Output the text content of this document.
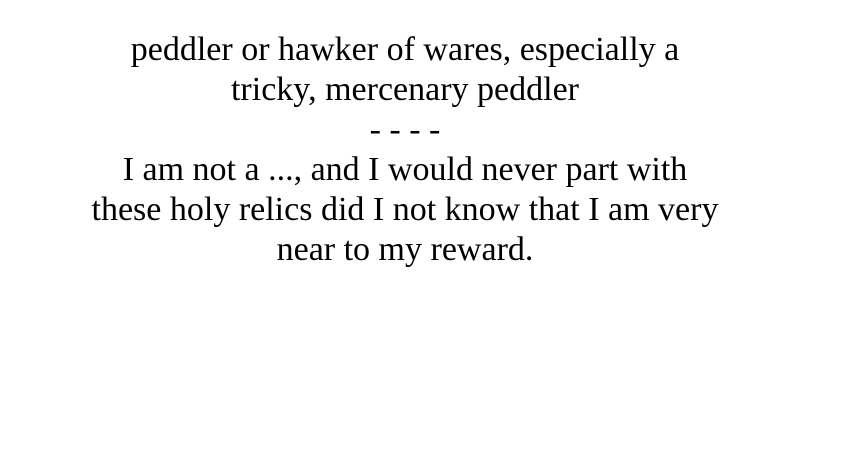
peddler or hawker of wares, especially a
tricky, mercenary peddler
- - - -
I am not a ..., and I would never part with
these holy relics did I not know that I am very
near to my reward.
